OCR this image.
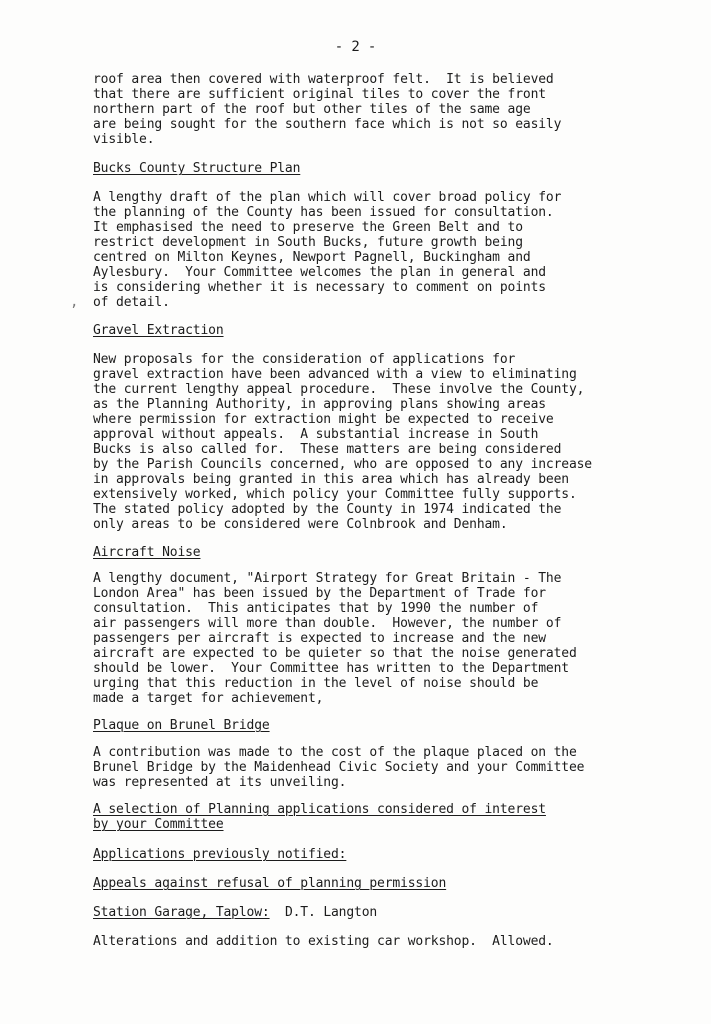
- 2 -

roof area then covered with waterproof felt.  It is believed
that there are sufficient original tiles to cover the front
northern part of the roof but other tiles of the same age
are being sought for the southern face which is not so easily
visible.

Bucks County Structure Plan

A lengthy draft of the plan which will cover broad policy for
the planning of the County has been issued for consultation.
It emphasised the need to preserve the Green Belt and to
restrict development in South Bucks, future growth being
centred on Milton Keynes, Newport Pagnell, Buckingham and
Aylesbury.  Your Committee welcomes the plan in general and
is considering whether it is necessary to comment on points
of detail.

Gravel Extraction

New proposals for the consideration of applications for
gravel extraction have been advanced with a view to eliminating
the current lengthy appeal procedure.  These involve the County,
as the Planning Authority, in approving plans showing areas
where permission for extraction might be expected to receive
approval without appeals.  A substantial increase in South
Bucks is also called for.  These matters are being considered
by the Parish Councils concerned, who are opposed to any increase
in approvals being granted in this area which has already been
extensively worked, which policy your Committee fully supports.
The stated policy adopted by the County in 1974 indicated the
only areas to be considered were Colnbrook and Denham.

Aircraft Noise

A lengthy document, "Airport Strategy for Great Britain - The
London Area" has been issued by the Department of Trade for
consultation.  This anticipates that by 1990 the number of
air passengers will more than double.  However, the number of
passengers per aircraft is expected to increase and the new
aircraft are expected to be quieter so that the noise generated
should be lower.  Your Committee has written to the Department
urging that this reduction in the level of noise should be
made a target for achievement,

Plaque on Brunel Bridge

A contribution was made to the cost of the plaque placed on the
Brunel Bridge by the Maidenhead Civic Society and your Committee
was represented at its unveiling.

A selection of Planning applications considered of interest
by your Committee

Applications previously notified:

Appeals against refusal of planning permission

Station Garage, Taplow: D.T. Langton

Alterations and addition to existing car workshop.  Allowed.

‚
